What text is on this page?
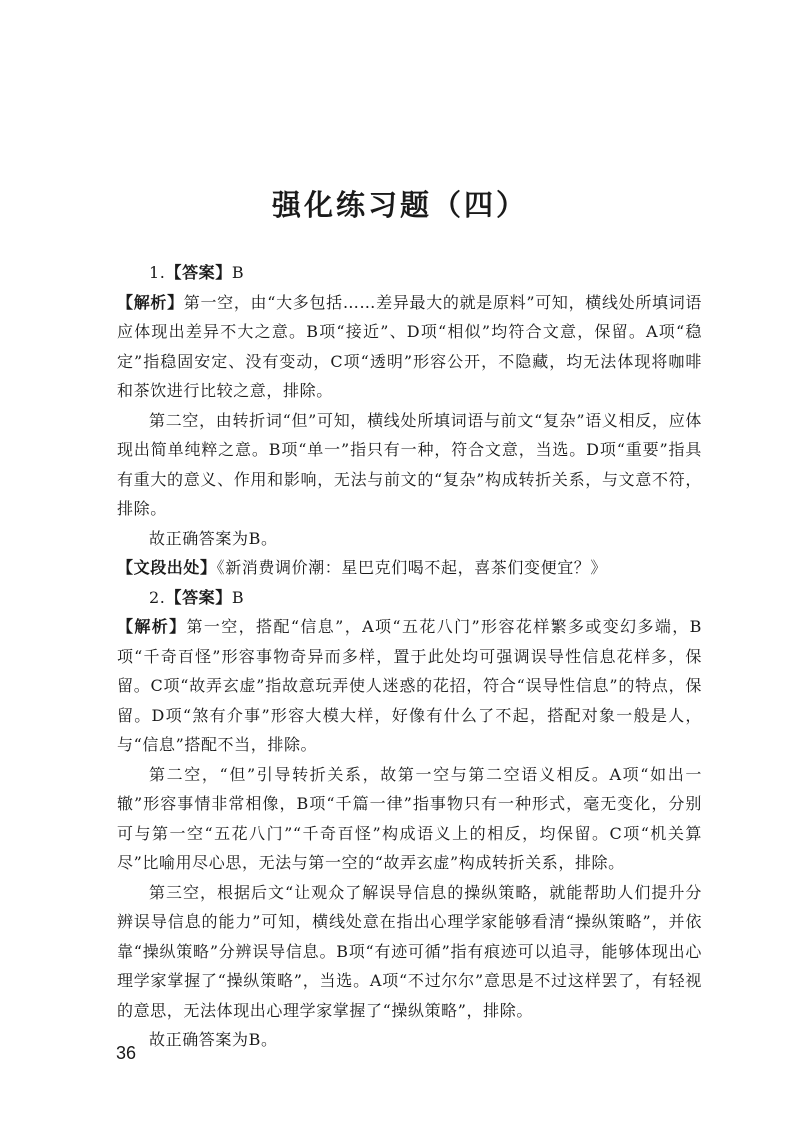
强化练习题（四）

1.【答案】B

【解析】第一空，由“大多包括……差异最大的就是原料”可知，横线处所填词语应体现出差异不大之意。B项“接近”、D项“相似”均符合文意，保留。A项“稳定”指稳固安定、没有变动，C项“透明”形容公开，不隐藏，均无法体现将咖啡和茶饮进行比较之意，排除。

第二空，由转折词“但”可知，横线处所填词语与前文“复杂”语义相反，应体现出简单纯粹之意。B项“单一”指只有一种，符合文意，当选。D项“重要”指具有重大的意义、作用和影响，无法与前文的“复杂”构成转折关系，与文意不符，排除。

故正确答案为B。

【文段出处】《新消费调价潮：星巴克们喝不起，喜茶们变便宜？》

2.【答案】B

【解析】第一空，搭配“信息”，A项“五花八门”形容花样繁多或变幻多端，B项“千奇百怪”形容事物奇异而多样，置于此处均可强调误导性信息花样多，保留。C项“故弄玄虚”指故意玩弄使人迷惑的花招，符合“误导性信息”的特点，保留。D项“煞有介事”形容大模大样，好像有什么了不起，搭配对象一般是人，与“信息”搭配不当，排除。

第二空，“但”引导转折关系，故第一空与第二空语义相反。A项“如出一辙”形容事情非常相像，B项“千篇一律”指事物只有一种形式，毫无变化，分别可与第一空“五花八门”“千奇百怪”构成语义上的相反，均保留。C项“机关算尽”比喻用尽心思，无法与第一空的“故弄玄虚”构成转折关系，排除。

第三空，根据后文“让观众了解误导信息的操纵策略，就能帮助人们提升分辨误导信息的能力”可知，横线处意在指出心理学家能够看清“操纵策略”，并依靠“操纵策略”分辨误导信息。B项“有迹可循”指有痕迹可以追寻，能够体现出心理学家掌握了“操纵策略”，当选。A项“不过尔尔”意思是不过这样罢了，有轻视的意思，无法体现出心理学家掌握了“操纵策略”，排除。

故正确答案为B。

36
